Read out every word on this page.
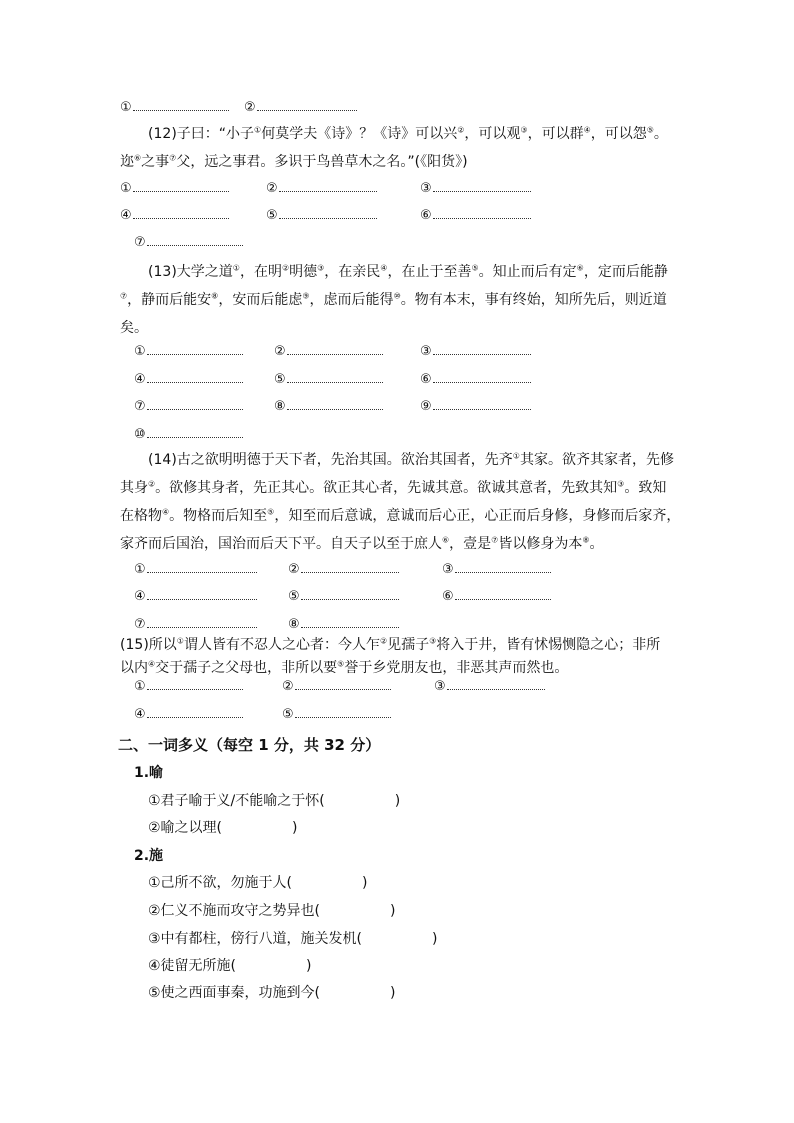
①	②

(12)子曰：“小子①何莫学夫《诗》？《诗》可以兴②，可以观③，可以群④，可以怨⑤。

迩⑥之事⑦父，远之事君。多识于鸟兽草木之名。”(《阳货》)

①	②	③
④	⑤	⑥
⑦

(13)大学之道①，在明②明德③，在亲民④，在止于至善⑤。知止而后有定⑥，定而后能静

⑦，静而后能安⑧，安而后能虑⑨，虑而后能得⑩。物有本末，事有终始，知所先后，则近道

矣。

①	②	③
④	⑤	⑥
⑦	⑧	⑨
⑩

(14)古之欲明明德于天下者，先治其国。欲治其国者，先齐①其家。欲齐其家者，先修

其身②。欲修其身者，先正其心。欲正其心者，先诚其意。欲诚其意者，先致其知③。致知

在格物④。物格而后知至⑤，知至而后意诚，意诚而后心正，心正而后身修，身修而后家齐，

家齐而后国治，国治而后天下平。自天子以至于庶人⑥，壹是⑦皆以修身为本⑧。

①	②	③
④	⑤	⑥
⑦	⑧

(15)所以①谓人皆有不忍人之心者：今人乍②见孺子③将入于井，皆有怵惕恻隐之心；非所

以内④交于孺子之父母也，非所以要⑤誉于乡党朋友也，非恶其声而然也。

①	②	③
④	⑤
二、一词多义（每空 1 分，共 32 分）
1.喻
①君子喻于义/不能喻之于怀(	)
②喻之以理(	)
2.施
①己所不欲，勿施于人(	)
②仁义不施而攻守之势异也(	)
③中有都柱，傍行八道，施关发机(	)
④徒留无所施(	)
⑤使之西面事秦，功施到今(	)
